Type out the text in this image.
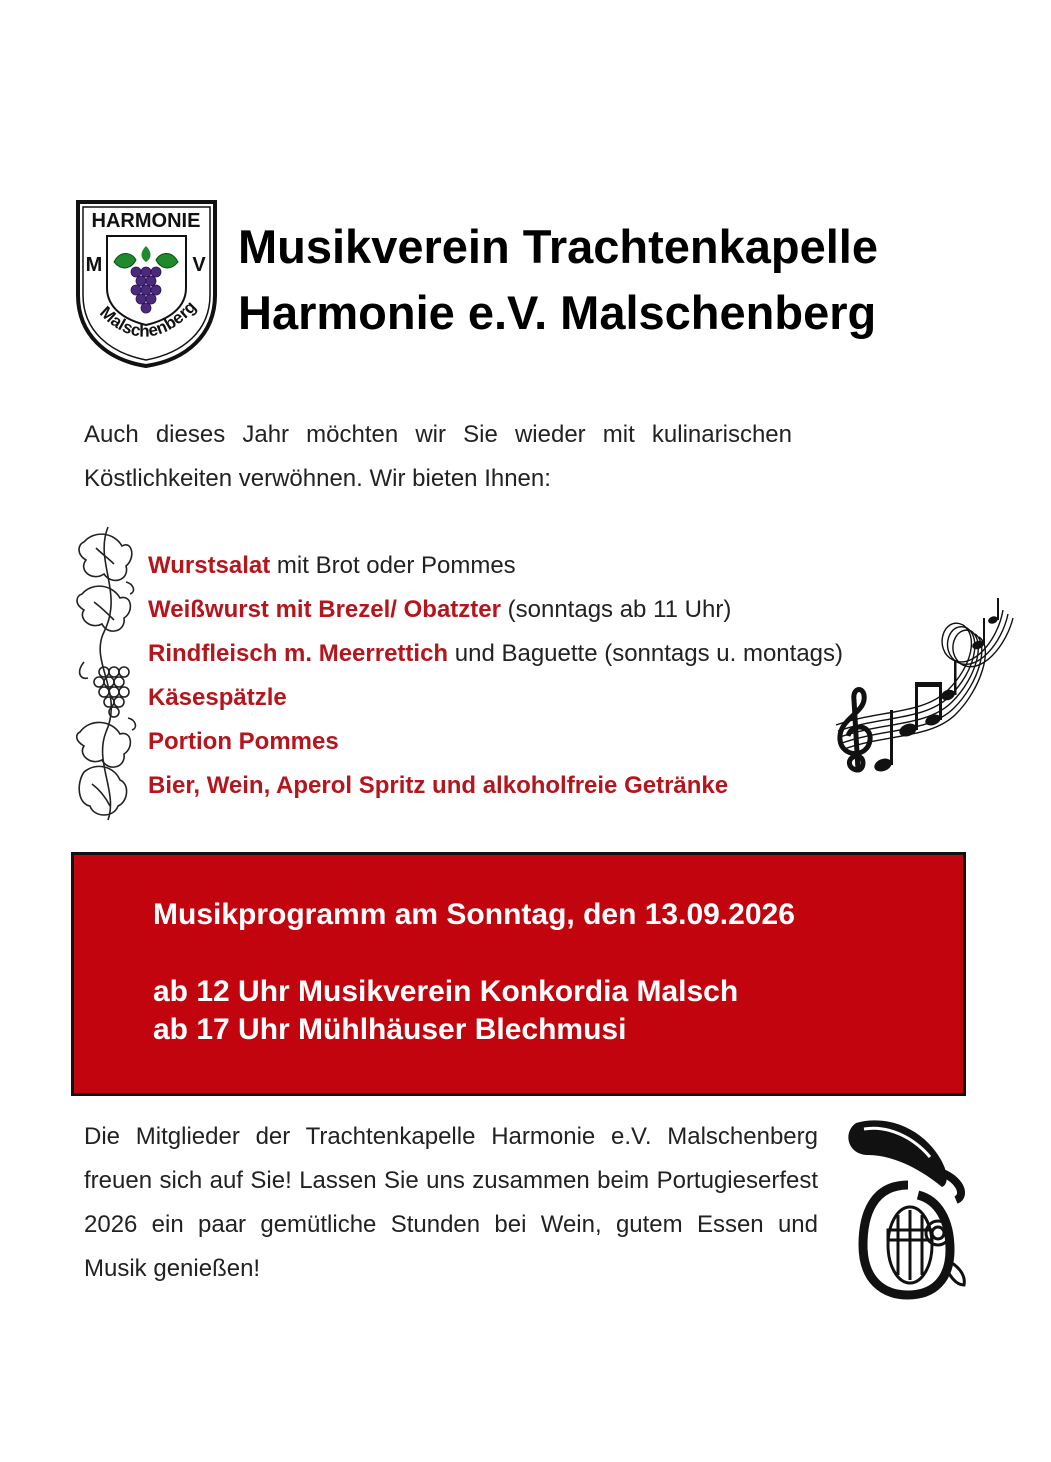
HARMONIE
M	V
Malschenberg
Musikverein Trachtenkapelle
Harmonie e.V. Malschenberg

Auch dieses Jahr möchten wir Sie wieder mit kulinarischen Köstlichkeiten verwöhnen. Wir bieten Ihnen:

Wurstsalat mit Brot oder Pommes
Weißwurst mit Brezel/ Obatzter (sonntags ab 11 Uhr)
Rindfleisch m. Meerrettich und Baguette (sonntags u. montags)
Käsespätzle
Portion Pommes
Bier, Wein, Aperol Spritz und alkoholfreie Getränke
Musikprogramm am Sonntag, den 13.09.2026

ab 12 Uhr Musikverein Konkordia Malsch

ab 17 Uhr Mühlhäuser Blechmusi

Die Mitglieder der Trachtenkapelle Harmonie e.V. Malschenberg freuen sich auf Sie! Lassen Sie uns zusammen beim Portugieserfest 2026 ein paar gemütliche Stunden bei Wein, gutem Essen und Musik genießen!
